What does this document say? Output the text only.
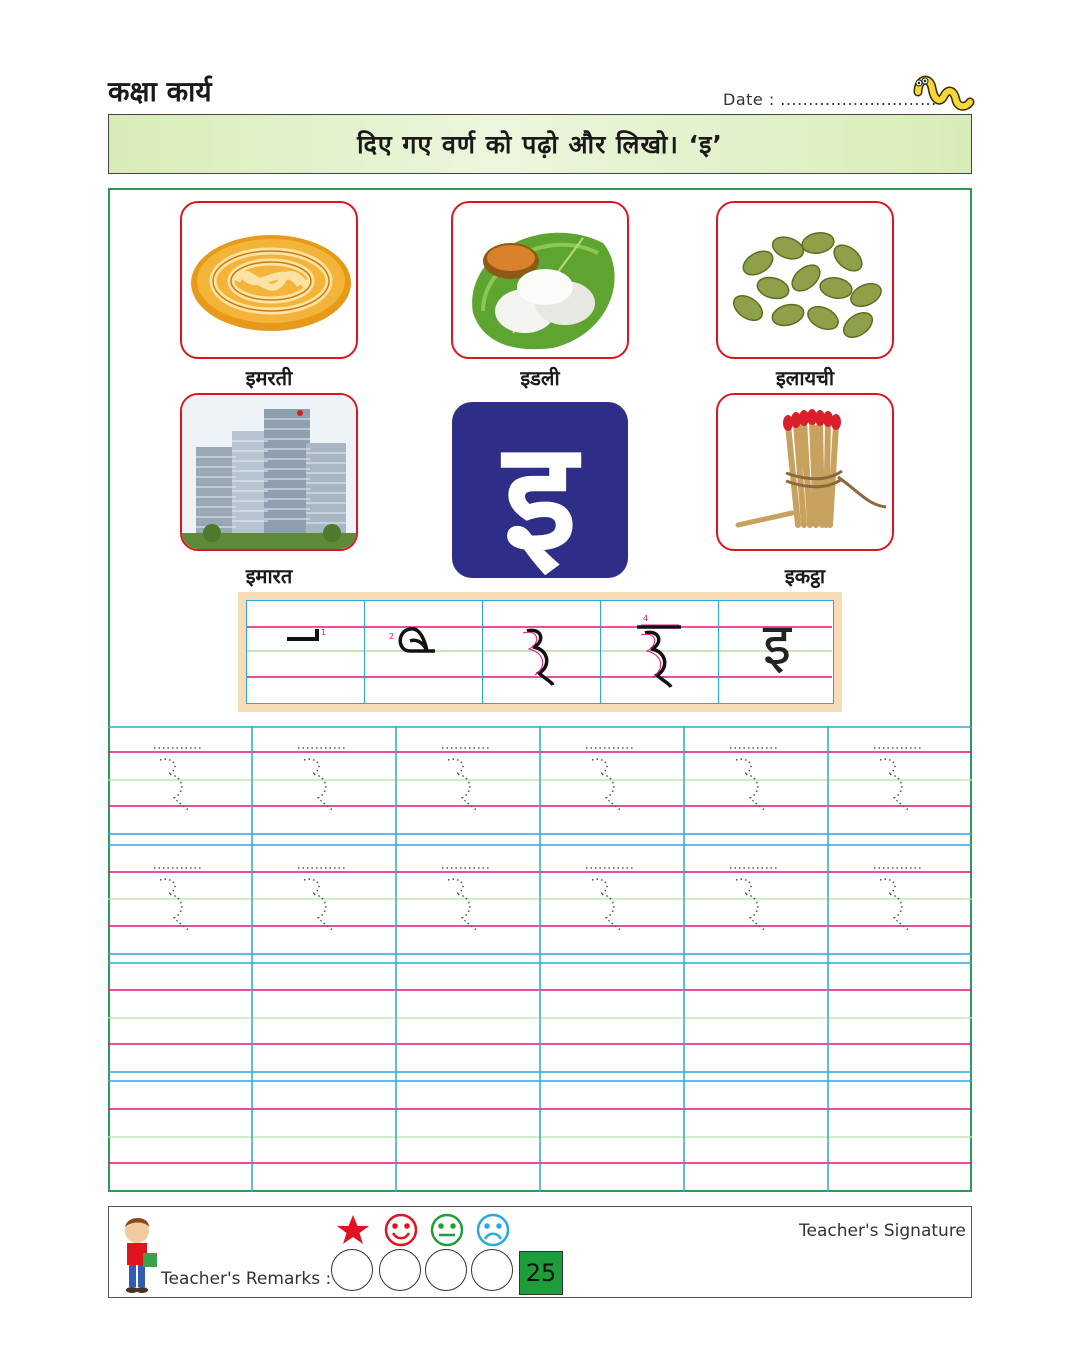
कक्षा कार्य	Date : ............................
दिए गए वर्ण को पढ़ो और लिखो। ‘इ’
इमरती	इडली	इलायची
इमारत	इ	इकट्ठा
1	2
4	इ
Teacher's Remarks :
Teacher's Signature
25
